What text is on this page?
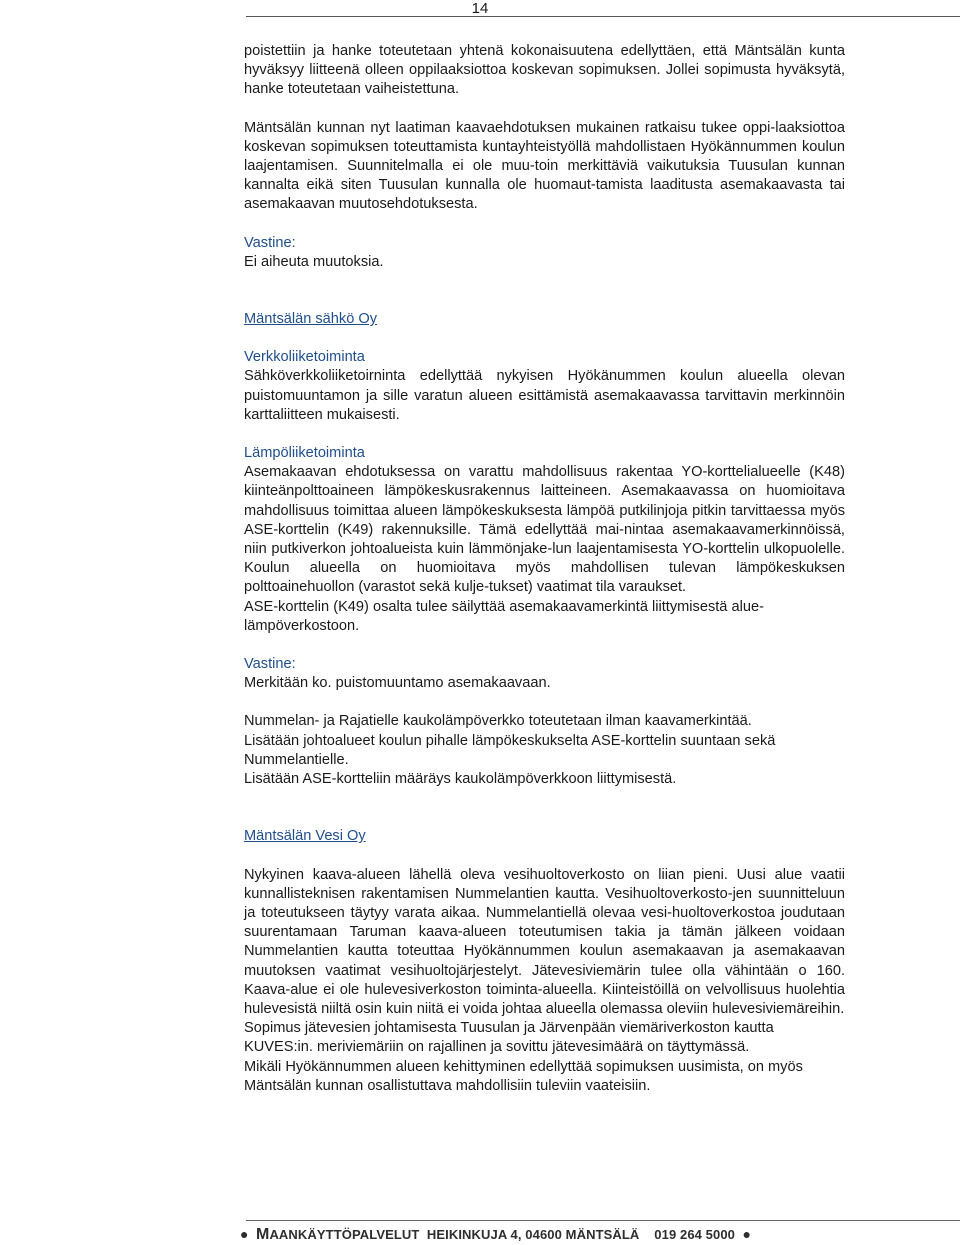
14

poistettiin ja hanke toteutetaan yhtenä kokonaisuutena edellyttäen, että Mäntsälän kunta hyväksyy liitteenä olleen oppilaaksiottoa koskevan sopimuksen. Jollei sopimusta hyväksytä, hanke toteutetaan vaiheistettuna.

Mäntsälän kunnan nyt laatiman kaavaehdotuksen mukainen ratkaisu tukee oppi-laaksiottoa koskevan sopimuksen toteuttamista kuntayhteistyöllä mahdollistaen Hyökännummen koulun laajentamisen. Suunnitelmalla ei ole muu-toin merkittäviä vaikutuksia Tuusulan kunnan kannalta eikä siten Tuusulan kunnalla ole huomaut-tamista laaditusta asemakaavasta tai asemakaavan muutosehdotuksesta.

Vastine:

Ei aiheuta muutoksia.

Mäntsälän sähkö Oy

Verkkoliiketoiminta

Sähköverkkoliiketoirninta edellyttää nykyisen Hyökänummen koulun alueella olevan puistomuuntamon ja sille varatun alueen esittämistä asemakaavassa tarvittavin merkinnöin karttaliitteen mukaisesti.

Lämpöliiketoiminta

Asemakaavan ehdotuksessa on varattu mahdollisuus rakentaa YO-korttelialueelle (K48) kiinteänpolttoaineen lämpökeskusrakennus laitteineen. Asemakaavassa on huomioitava mahdollisuus toimittaa alueen lämpökeskuksesta lämpöä putkilinjoja pitkin tarvittaessa myös ASE-korttelin (K49) rakennuksille. Tämä edellyttää mai-nintaa asemakaavamerkinnöissä, niin putkiverkon johtoalueista kuin lämmönjake-lun laajentamisesta YO-korttelin ulkopuolelle. Koulun alueella on huomioitava myös mahdollisen tulevan lämpökeskuksen polttoainehuollon (varastot sekä kulje-tukset) vaatimat tila varaukset.

ASE-korttelin (K49) osalta tulee säilyttää asemakaavamerkintä liittymisestä alue-lämpöverkostoon.

Vastine:

Merkitään ko. puistomuuntamo asemakaavaan.

Nummelan- ja Rajatielle kaukolämpöverkko toteutetaan ilman kaavamerkintää.

Lisätään johtoalueet koulun pihalle lämpökeskukselta ASE-korttelin suuntaan sekä Nummelantielle.

Lisätään ASE-kortteliin määräys kaukolämpöverkkoon liittymisestä.

Mäntsälän Vesi Oy

Nykyinen kaava-alueen lähellä oleva vesihuoltoverkosto on liian pieni. Uusi alue vaatii kunnallisteknisen rakentamisen Nummelantien kautta. Vesihuoltoverkosto-jen suunnitteluun ja toteutukseen täytyy varata aikaa. Nummelantiellä olevaa vesi-huoltoverkostoa joudutaan suurentamaan Taruman kaava-alueen toteutumisen takia ja tämän jälkeen voidaan Nummelantien kautta toteuttaa Hyökännummen koulun asemakaavan ja asemakaavan muutoksen vaatimat vesihuoltojärjestelyt. Jätevesiviemärin tulee olla vähintään o 160. Kaava-alue ei ole hulevesiverkoston toiminta-alueella. Kiinteistöillä on velvollisuus huolehtia hulevesistä niiltä osin kuin niitä ei voida johtaa alueella olemassa oleviin hulevesiviemäreihin.

Sopimus jätevesien johtamisesta Tuusulan ja Järvenpään viemäriverkoston kautta KUVES:in. meriviemäriin on rajallinen ja sovittu jätevesimäärä on täyttymässä.

Mikäli Hyökännummen alueen kehittyminen edellyttää sopimuksen uusimista, on myös Mäntsälän kunnan osallistuttava mahdollisiin tuleviin vaateisiin.

● MAANKÄYTTÖPALVELUT HEIKINKUJA 4, 04600 MÄNTSÄLÄ 019 264 5000 ●
